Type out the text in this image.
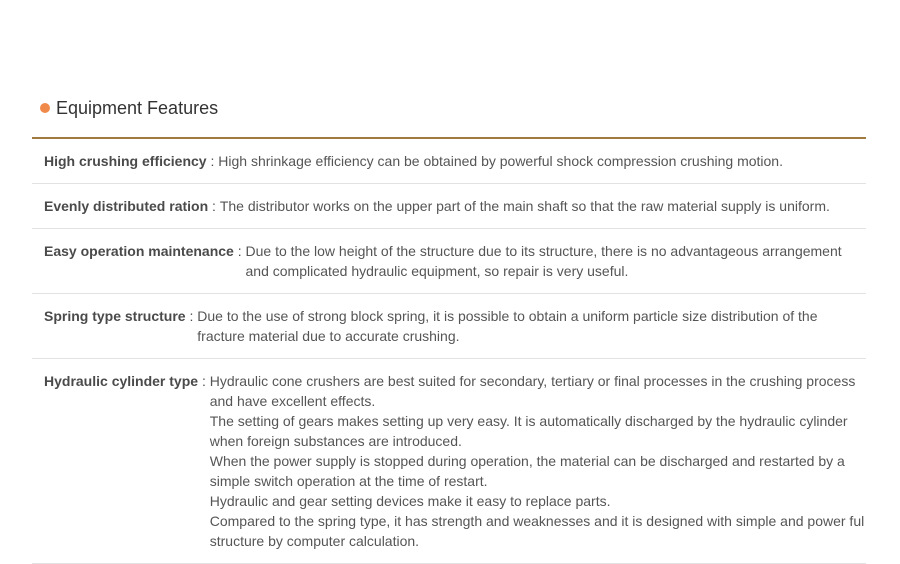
Equipment Features
High crushing efficiency : High shrinkage efficiency can be obtained by powerful shock compression crushing motion.
Evenly distributed ration : The distributor works on the upper part of the main shaft so that the raw material supply is uniform.
Easy operation maintenance : Due to the low height of the structure due to its structure, there is no advantageous arrangement and complicated hydraulic equipment, so repair is very useful.
Spring type structure : Due to the use of strong block spring, it is possible to obtain a uniform particle size distribution of the fracture material due to accurate crushing.
Hydraulic cylinder type : Hydraulic cone crushers are best suited for secondary, tertiary or final processes in the crushing process and have excellent effects.
The setting of gears makes setting up very easy. It is automatically discharged by the hydraulic cylinder when foreign substances are introduced.
When the power supply is stopped during operation, the material can be discharged and restarted by a simple switch operation at the time of restart.
Hydraulic and gear setting devices make it easy to replace parts.
Compared to the spring type, it has strength and weaknesses and it is designed with simple and power ful structure by computer calculation.
